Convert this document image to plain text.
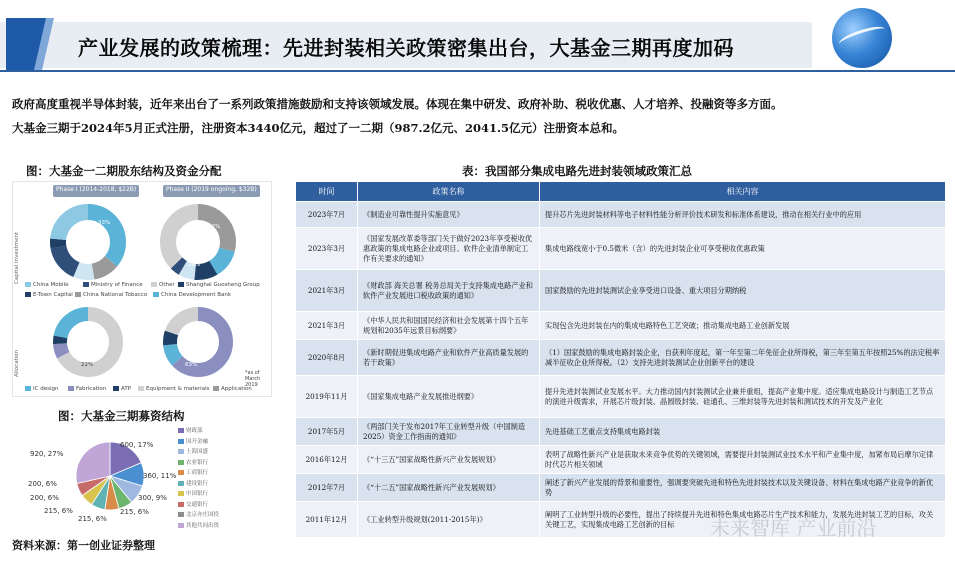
产业发展的政策梳理：先进封装相关政策密集出台，大基金三期再度加码
政府高度重视半导体封装，近年来出台了一系列政策措施鼓励和支持该领域发展。体现在集中研发、政府补助、税收优惠、人才培养、投融资等多方面。
大基金三期于2024年5月正式注册，注册资本3440亿元，超过了一二期（987.2亿元、2041.5亿元）注册资本总和。
图：大基金一二期股东结构及资金分配
Phase I (2014-2018, $22B)	Phase II (2019 ongoing, $32B)
Capital Investment
Allocation
36%
33%
29%
12%
22%	63%
*as of March 2019
China Mobile	Ministry of Finance	Other	Shanghai Guosheng Group
E-Town Capital	China National Tobacco	China Development Bank
IC design	Fabrication	ATP	Equipment & materials	Application
图：大基金三期募资结构
600, 17%
360, 11%
300, 9%
215, 6%
215, 6%
215, 6%
200, 6%
200, 6%
920, 27%
资料来源：第一创业证券整理
表：我国部分集成电路先进封装领域政策汇总
时间	政策名称	相关内容
2023年7月	《制造业可靠性提升实施意见》	提升芯片先进封装材料等电子材料性能分析评价技术研发和标准体系建设，推动在相关行业中的应用
2023年3月	《国家发展改革委等部门关于做好2023年享受税收优惠政策的集成电路企业或项目、软件企业清单制定工作有关要求的通知》	集成电路线宽小于0.5微米（含）的先进封装企业可享受税收优惠政策
2021年3月	《财政部 海关总署 税务总局关于支持集成电路产业和软件产业发展进口税收政策的通知》	国家鼓励的先进封装测试企业享受进口设备、重大项目分期纳税
2021年3月	《中华人民共和国国民经济和社会发展第十四个五年规划和2035年远景目标纲要》	实现包含先进封装在内的集成电路特色工艺突破；推动集成电路工业创新发展
2020年8月	《新时期促进集成电路产业和软件产业高质量发展的若干政策》	（1）国家鼓励的集成电路封装企业，自获利年度起，第一年至第二年免征企业所得税，第三年至第五年按照25%的法定税率减半征收企业所得税。（2）支持先进封装测试企业创新平台的建设
2019年11月	《国家集成电路产业发展推进纲要》	提升先进封装测试业发展水平。大力推动国内封装测试企业兼并重组，提高产业集中度。适应集成电路设计与制造工艺节点的演进升级需求，开展芯片级封装、晶圆级封装、硅通孔、三维封装等先进封装和测试技术的开发及产业化
2017年5月	《两部门关于发布2017年工业转型升级（中国制造2025）资金工作指南的通知》	先进基础工艺重点支持集成电路封装
2016年12月	《“十三五”国家战略性新兴产业发展规划》	表明了战略性新兴产业是获取未来竞争优势的关键领域，需要提升封装测试业技术水平和产业集中度，加紧布局后摩尔定律时代芯片相关领域
2012年7月	《“十二五”国家战略性新兴产业发展规划》	阐述了新兴产业发展的背景和重要性，强调要突破先进和特色先进封装技术以及关键设备、材料在集成电路产业竞争的新优势
2011年12月	《工业转型升级规划(2011-2015年)》	阐明了工业转型升级的必要性，提出了持续提升先进和特色集成电路芯片生产技术和能力，发展先进封装工艺的目标，攻关关键工艺，实现集成电路工艺创新的目标 未来智库 产业前沿
财政部
国开金融
上海国盛
农业银行
工商银行
建设银行
中国银行
交通银行
北京亦庄国投
其他共同出资
